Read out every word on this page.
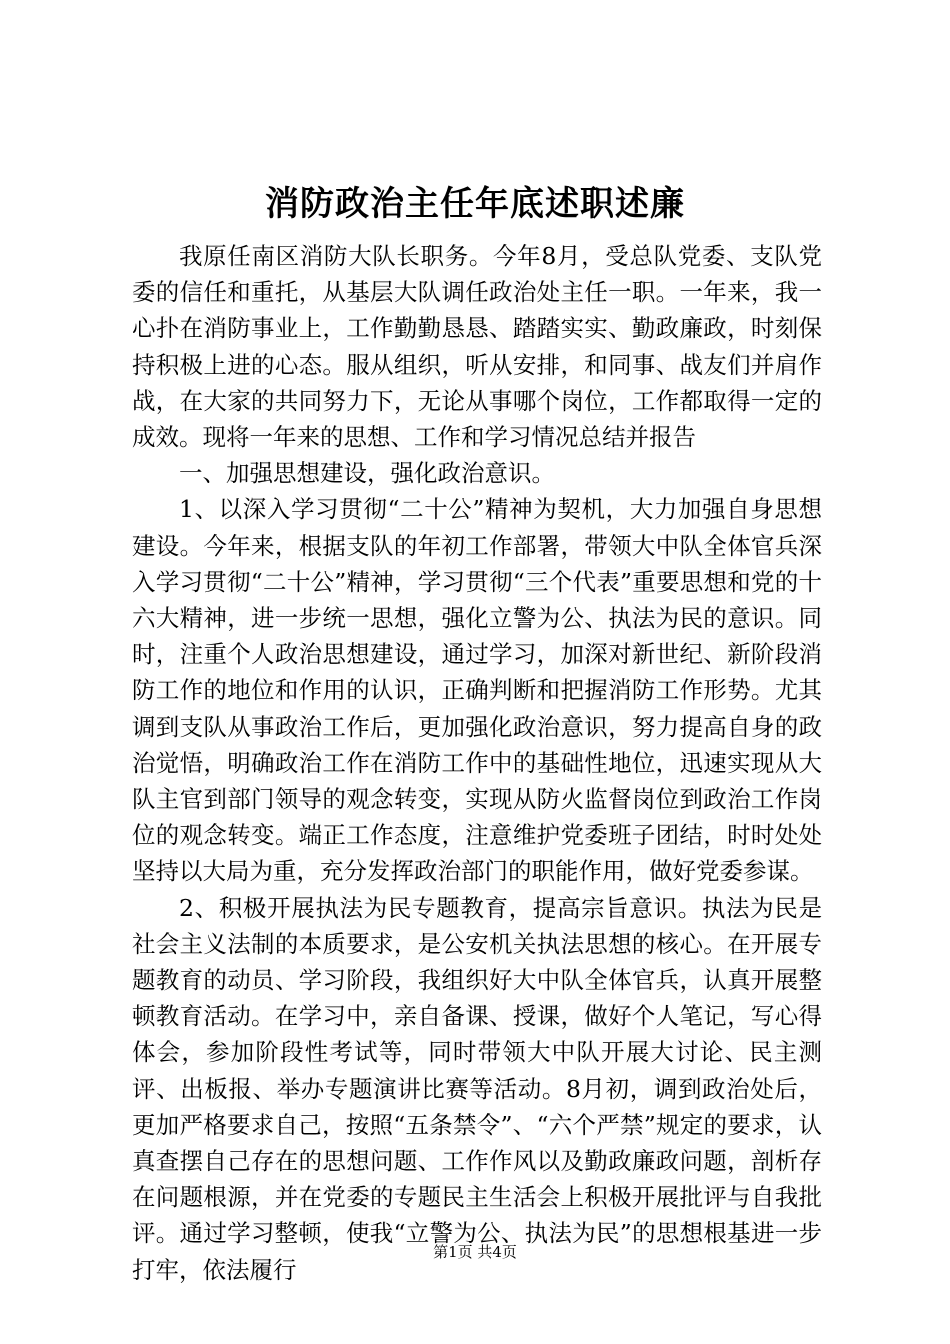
消防政治主任年底述职述廉

我原任南区消防大队长职务。今年8月，受总队党委、支队党委的信任和重托，从基层大队调任政治处主任一职。一年来，我一心扑在消防事业上，工作勤勤恳恳、踏踏实实、勤政廉政，时刻保持积极上进的心态。服从组织，听从安排，和同事、战友们并肩作战，在大家的共同努力下，无论从事哪个岗位，工作都取得一定的成效。现将一年来的思想、工作和学习情况总结并报告

一、加强思想建设，强化政治意识。

1、以深入学习贯彻“二十公”精神为契机，大力加强自身思想建设。今年来，根据支队的年初工作部署，带领大中队全体官兵深入学习贯彻“二十公”精神，学习贯彻“三个代表”重要思想和党的十六大精神，进一步统一思想，强化立警为公、执法为民的意识。同时，注重个人政治思想建设，通过学习，加深对新世纪、新阶段消防工作的地位和作用的认识，正确判断和把握消防工作形势。尤其调到支队从事政治工作后，更加强化政治意识，努力提高自身的政治觉悟，明确政治工作在消防工作中的基础性地位，迅速实现从大队主官到部门领导的观念转变，实现从防火监督岗位到政治工作岗位的观念转变。端正工作态度，注意维护党委班子团结，时时处处坚持以大局为重，充分发挥政治部门的职能作用，做好党委参谋。

2、积极开展执法为民专题教育，提高宗旨意识。执法为民是社会主义法制的本质要求，是公安机关执法思想的核心。在开展专题教育的动员、学习阶段，我组织好大中队全体官兵，认真开展整顿教育活动。在学习中，亲自备课、授课，做好个人笔记，写心得体会，参加阶段性考试等，同时带领大中队开展大讨论、民主测评、出板报、举办专题演讲比赛等活动。8月初，调到政治处后，更加严格要求自己，按照“五条禁令”、“六个严禁”规定的要求，认真查摆自己存在的思想问题、工作作风以及勤政廉政问题，剖析存在问题根源，并在党委的专题民主生活会上积极开展批评与自我批评。通过学习整顿，使我“立警为公、执法为民”的思想根基进一步打牢，依法履行

第1页 共4页
